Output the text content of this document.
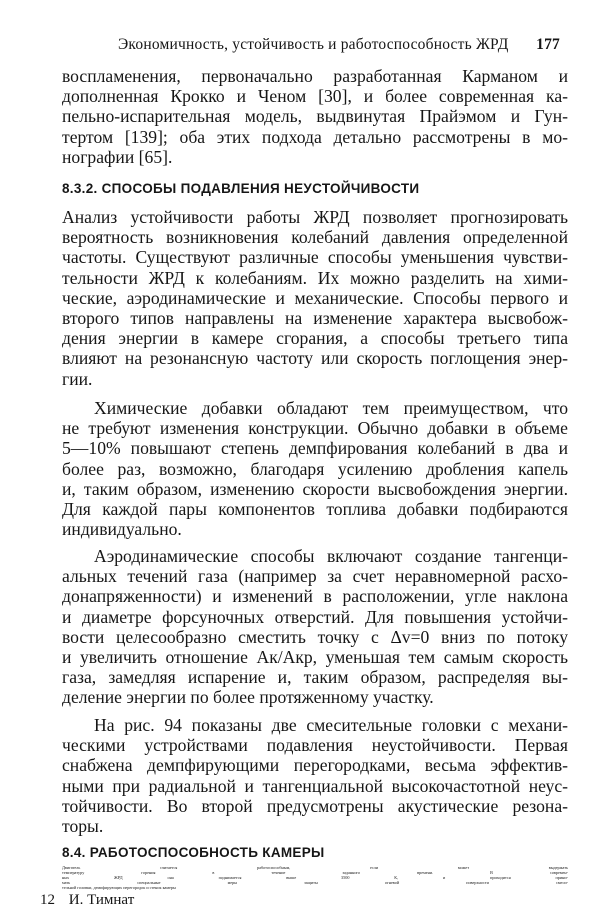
Экономичность, устойчивость и работоспособность ЖРД 177
воспламенения, первоначально разработанная Карманом и
дополненная Крокко и Ченом [30], и более современная ка-
пельно-испарительная модель, выдвинутая Прайэмом и Гун-
тертом [139]; оба этих подхода детально рассмотрены в мо-
нографии [65].
8.3.2. СПОСОБЫ ПОДАВЛЕНИЯ НЕУСТОЙЧИВОСТИ
Анализ устойчивости работы ЖРД позволяет прогнозировать
вероятность возникновения колебаний давления определенной
частоты. Существуют различные способы уменьшения чувстви-
тельности ЖРД к колебаниям. Их можно разделить на хими-
ческие, аэродинамические и механические. Способы первого и
второго типов направлены на изменение характера высвобож-
дения энергии в камере сгорания, а способы третьего типа
влияют на резонансную частоту или скорость поглощения энер-
гии.
Химические добавки обладают тем преимуществом, что
не требуют изменения конструкции. Обычно добавки в объеме
5—10% повышают степень демпфирования колебаний в два и
более раз, возможно, благодаря усилению дробления капель
и, таким образом, изменению скорости высвобождения энергии.
Для каждой пары компонентов топлива добавки подбираются
индивидуально.
Аэродинамические способы включают создание тангенци-
альных течений газа (например за счет неравномерной расхо-
донапряженности) и изменений в расположении, угле наклона
и диаметре форсуночных отверстий. Для повышения устойчи-
вости целесообразно сместить точку с Δv=0 вниз по потоку
и увеличить отношение Aк/Aкр, уменьшая тем самым скорость
газа, замедляя испарение и, таким образом, распределяя вы-
деление энергии по более протяженному участку.
На рис. 94 показаны две смесительные головки с механи-
ческими устройствами подавления неустойчивости. Первая
снабжена демпфирующими перегородками, весьма эффектив-
ными при радиальной и тангенциальной высокочастотной неус-
тойчивости. Во второй предусмотрены акустические резона-
торы.
8.4. РАБОТОСПОСОБНОСТЬ КАМЕРЫ
12 И. Тимнат
Двигатель считается работоспособным, если может выдержать
температуру горения в течение заданного времени. В современ-
ных ЖРД она поднимается выше 3500 К, и приходится прини-
мать специальные меры защиты огневой поверхности смеси-
тельной головки, демпфирующих перегородок и стенок камеры
